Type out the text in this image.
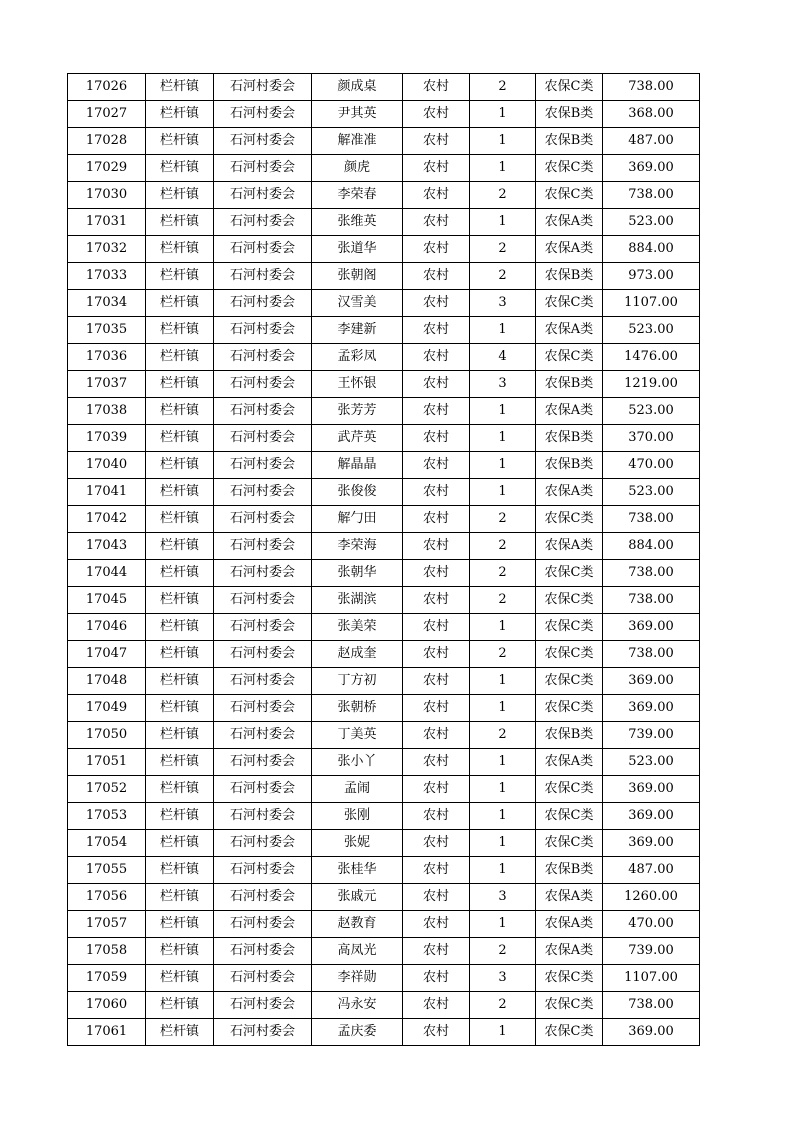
17026	栏杆镇	石河村委会	颜成桌	农村	2	农保C类	738.00
17027	栏杆镇	石河村委会	尹其英	农村	1	农保B类	368.00
17028	栏杆镇	石河村委会	解准准	农村	1	农保B类	487.00
17029	栏杆镇	石河村委会	颜虎	农村	1	农保C类	369.00
17030	栏杆镇	石河村委会	李荣春	农村	2	农保C类	738.00
17031	栏杆镇	石河村委会	张维英	农村	1	农保A类	523.00
17032	栏杆镇	石河村委会	张道华	农村	2	农保A类	884.00
17033	栏杆镇	石河村委会	张朝阁	农村	2	农保B类	973.00
17034	栏杆镇	石河村委会	汉雪美	农村	3	农保C类	1107.00
17035	栏杆镇	石河村委会	李建新	农村	1	农保A类	523.00
17036	栏杆镇	石河村委会	孟彩凤	农村	4	农保C类	1476.00
17037	栏杆镇	石河村委会	王怀银	农村	3	农保B类	1219.00
17038	栏杆镇	石河村委会	张芳芳	农村	1	农保A类	523.00
17039	栏杆镇	石河村委会	武芹英	农村	1	农保B类	370.00
17040	栏杆镇	石河村委会	解晶晶	农村	1	农保B类	470.00
17041	栏杆镇	石河村委会	张俊俊	农村	1	农保A类	523.00
17042	栏杆镇	石河村委会	解勹田	农村	2	农保C类	738.00
17043	栏杆镇	石河村委会	李荣海	农村	2	农保A类	884.00
17044	栏杆镇	石河村委会	张朝华	农村	2	农保C类	738.00
17045	栏杆镇	石河村委会	张湖滨	农村	2	农保C类	738.00
17046	栏杆镇	石河村委会	张美荣	农村	1	农保C类	369.00
17047	栏杆镇	石河村委会	赵成奎	农村	2	农保C类	738.00
17048	栏杆镇	石河村委会	丁方初	农村	1	农保C类	369.00
17049	栏杆镇	石河村委会	张朝桥	农村	1	农保C类	369.00
17050	栏杆镇	石河村委会	丁美英	农村	2	农保B类	739.00
17051	栏杆镇	石河村委会	张小丫	农村	1	农保A类	523.00
17052	栏杆镇	石河村委会	孟闹	农村	1	农保C类	369.00
17053	栏杆镇	石河村委会	张刚	农村	1	农保C类	369.00
17054	栏杆镇	石河村委会	张妮	农村	1	农保C类	369.00
17055	栏杆镇	石河村委会	张桂华	农村	1	农保B类	487.00
17056	栏杆镇	石河村委会	张戚元	农村	3	农保A类	1260.00
17057	栏杆镇	石河村委会	赵教育	农村	1	农保A类	470.00
17058	栏杆镇	石河村委会	高凤光	农村	2	农保A类	739.00
17059	栏杆镇	石河村委会	李祥勋	农村	3	农保C类	1107.00
17060	栏杆镇	石河村委会	冯永安	农村	2	农保C类	738.00
17061	栏杆镇	石河村委会	孟庆委	农村	1	农保C类	369.00
